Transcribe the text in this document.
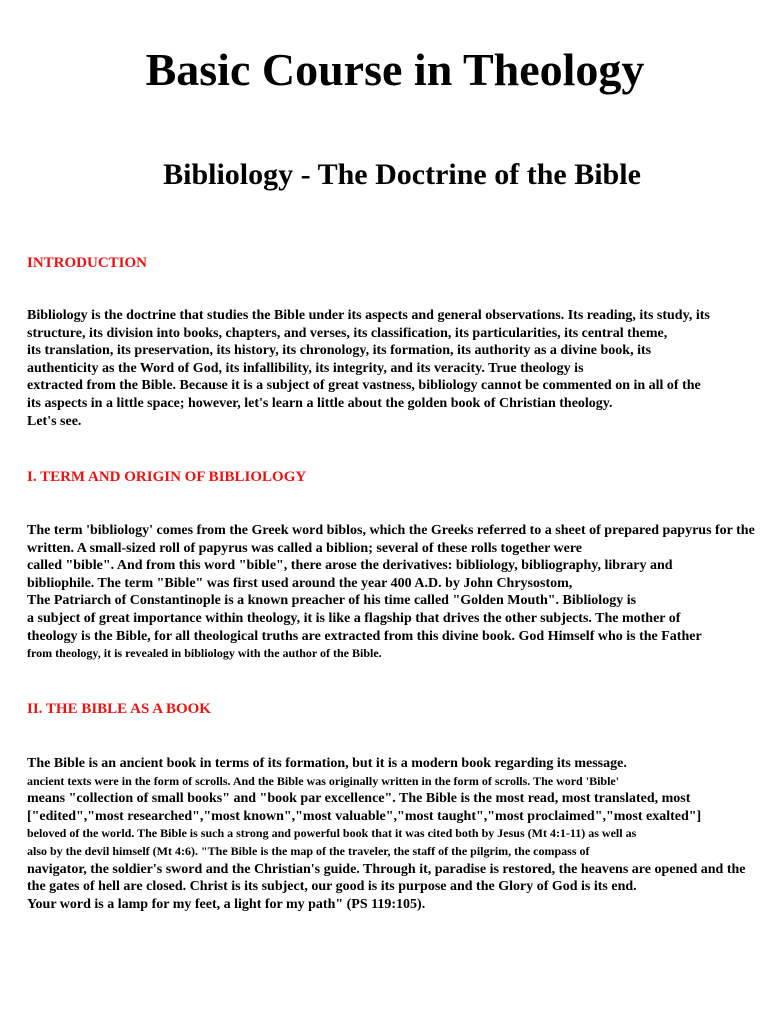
Basic Course in Theology
Bibliology - The Doctrine of the Bible
INTRODUCTION
Bibliology is the doctrine that studies the Bible under its aspects and general observations. Its reading, its study, its
structure, its division into books, chapters, and verses, its classification, its particularities, its central theme,
its translation, its preservation, its history, its chronology, its formation, its authority as a divine book, its
authenticity as the Word of God, its infallibility, its integrity, and its veracity. True theology is
extracted from the Bible. Because it is a subject of great vastness, bibliology cannot be commented on in all of the
its aspects in a little space; however, let's learn a little about the golden book of Christian theology.
Let's see.
I. TERM AND ORIGIN OF BIBLIOLOGY
The term 'bibliology' comes from the Greek word biblos, which the Greeks referred to a sheet of prepared papyrus for the
written. A small-sized roll of papyrus was called a biblion; several of these rolls together were
called "bible". And from this word "bible", there arose the derivatives: bibliology, bibliography, library and
bibliophile. The term "Bible" was first used around the year 400 A.D. by John Chrysostom,
The Patriarch of Constantinople is a known preacher of his time called "Golden Mouth". Bibliology is
a subject of great importance within theology, it is like a flagship that drives the other subjects. The mother of
theology is the Bible, for all theological truths are extracted from this divine book. God Himself who is the Father
from theology, it is revealed in bibliology with the author of the Bible.
II. THE BIBLE AS A BOOK
The Bible is an ancient book in terms of its formation, but it is a modern book regarding its message.
ancient texts were in the form of scrolls. And the Bible was originally written in the form of scrolls. The word 'Bible'
means "collection of small books" and "book par excellence". The Bible is the most read, most translated, most
["edited","most researched","most known","most valuable","most taught","most proclaimed","most exalted"]
beloved of the world. The Bible is such a strong and powerful book that it was cited both by Jesus (Mt 4:1-11) as well as
also by the devil himself (Mt 4:6). "The Bible is the map of the traveler, the staff of the pilgrim, the compass of
navigator, the soldier's sword and the Christian's guide. Through it, paradise is restored, the heavens are opened and the
the gates of hell are closed. Christ is its subject, our good is its purpose and the Glory of God is its end.
Your word is a lamp for my feet, a light for my path" (PS 119:105).
